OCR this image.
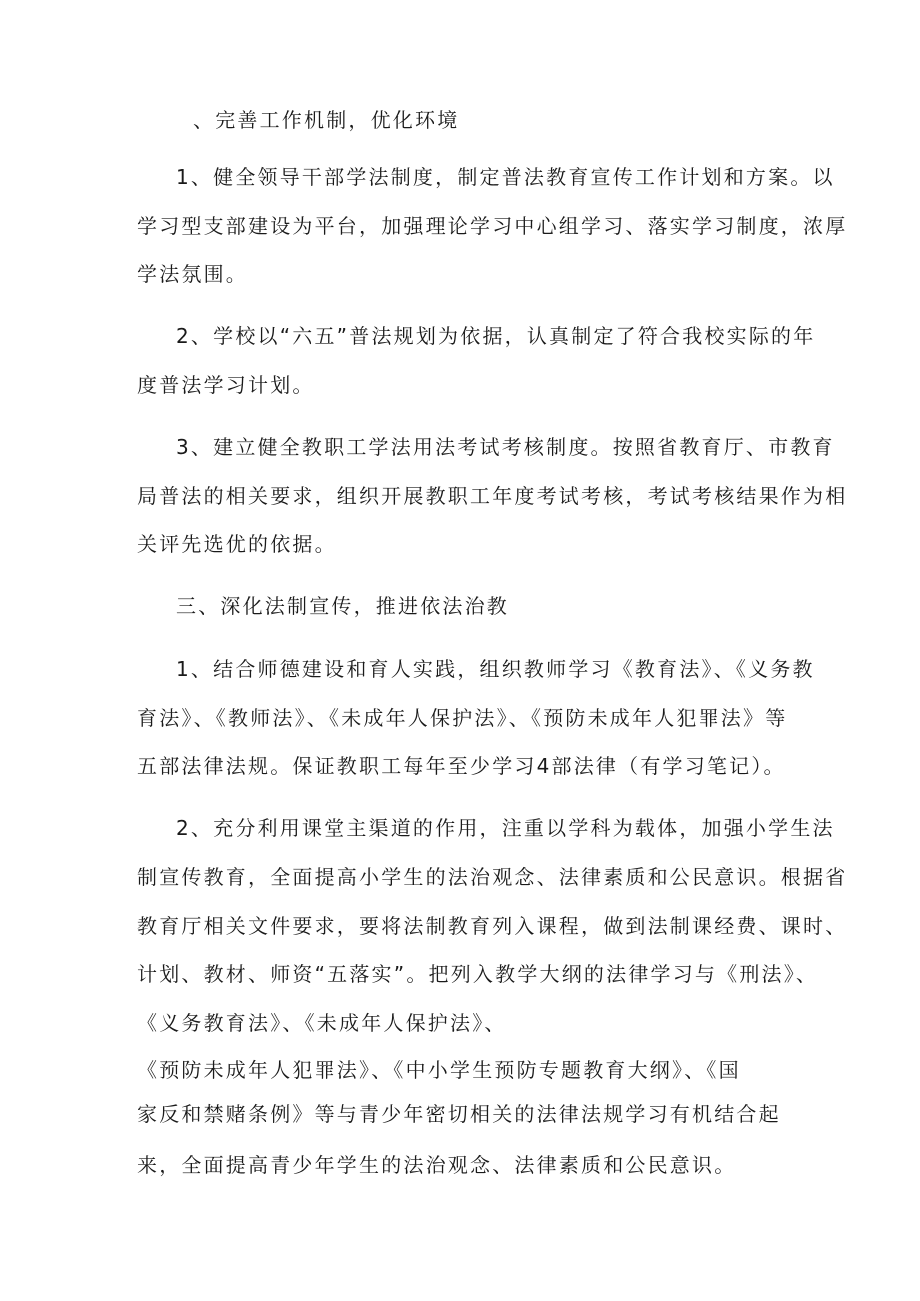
、完善工作机制，优化环境

1、健全领导干部学法制度，制定普法教育宣传工作计划和方案。以

学习型支部建设为平台，加强理论学习中心组学习、落实学习制度，浓厚

学法氛围。

2、学校以“六五”普法规划为依据，认真制定了符合我校实际的年

度普法学习计划。

3、建立健全教职工学法用法考试考核制度。按照省教育厅、市教育

局普法的相关要求，组织开展教职工年度考试考核，考试考核结果作为相

关评先选优的依据。

三、深化法制宣传，推进依法治教

1、结合师德建设和育人实践，组织教师学习《教育法》、《义务教

育法》、《教师法》、《未成年人保护法》、《预防未成年人犯罪法》等

五部法律法规。保证教职工每年至少学习4部法律（有学习笔记）。

2、充分利用课堂主渠道的作用，注重以学科为载体，加强小学生法

制宣传教育，全面提高小学生的法治观念、法律素质和公民意识。根据省

教育厅相关文件要求，要将法制教育列入课程，做到法制课经费、课时、

计划、教材、师资“五落实”。把列入教学大纲的法律学习与《刑法》、

《义务教育法》、《未成年人保护法》、

《预防未成年人犯罪法》、《中小学生预防专题教育大纲》、《国

家反和禁赌条例》等与青少年密切相关的法律法规学习有机结合起

来，全面提高青少年学生的法治观念、法律素质和公民意识。
